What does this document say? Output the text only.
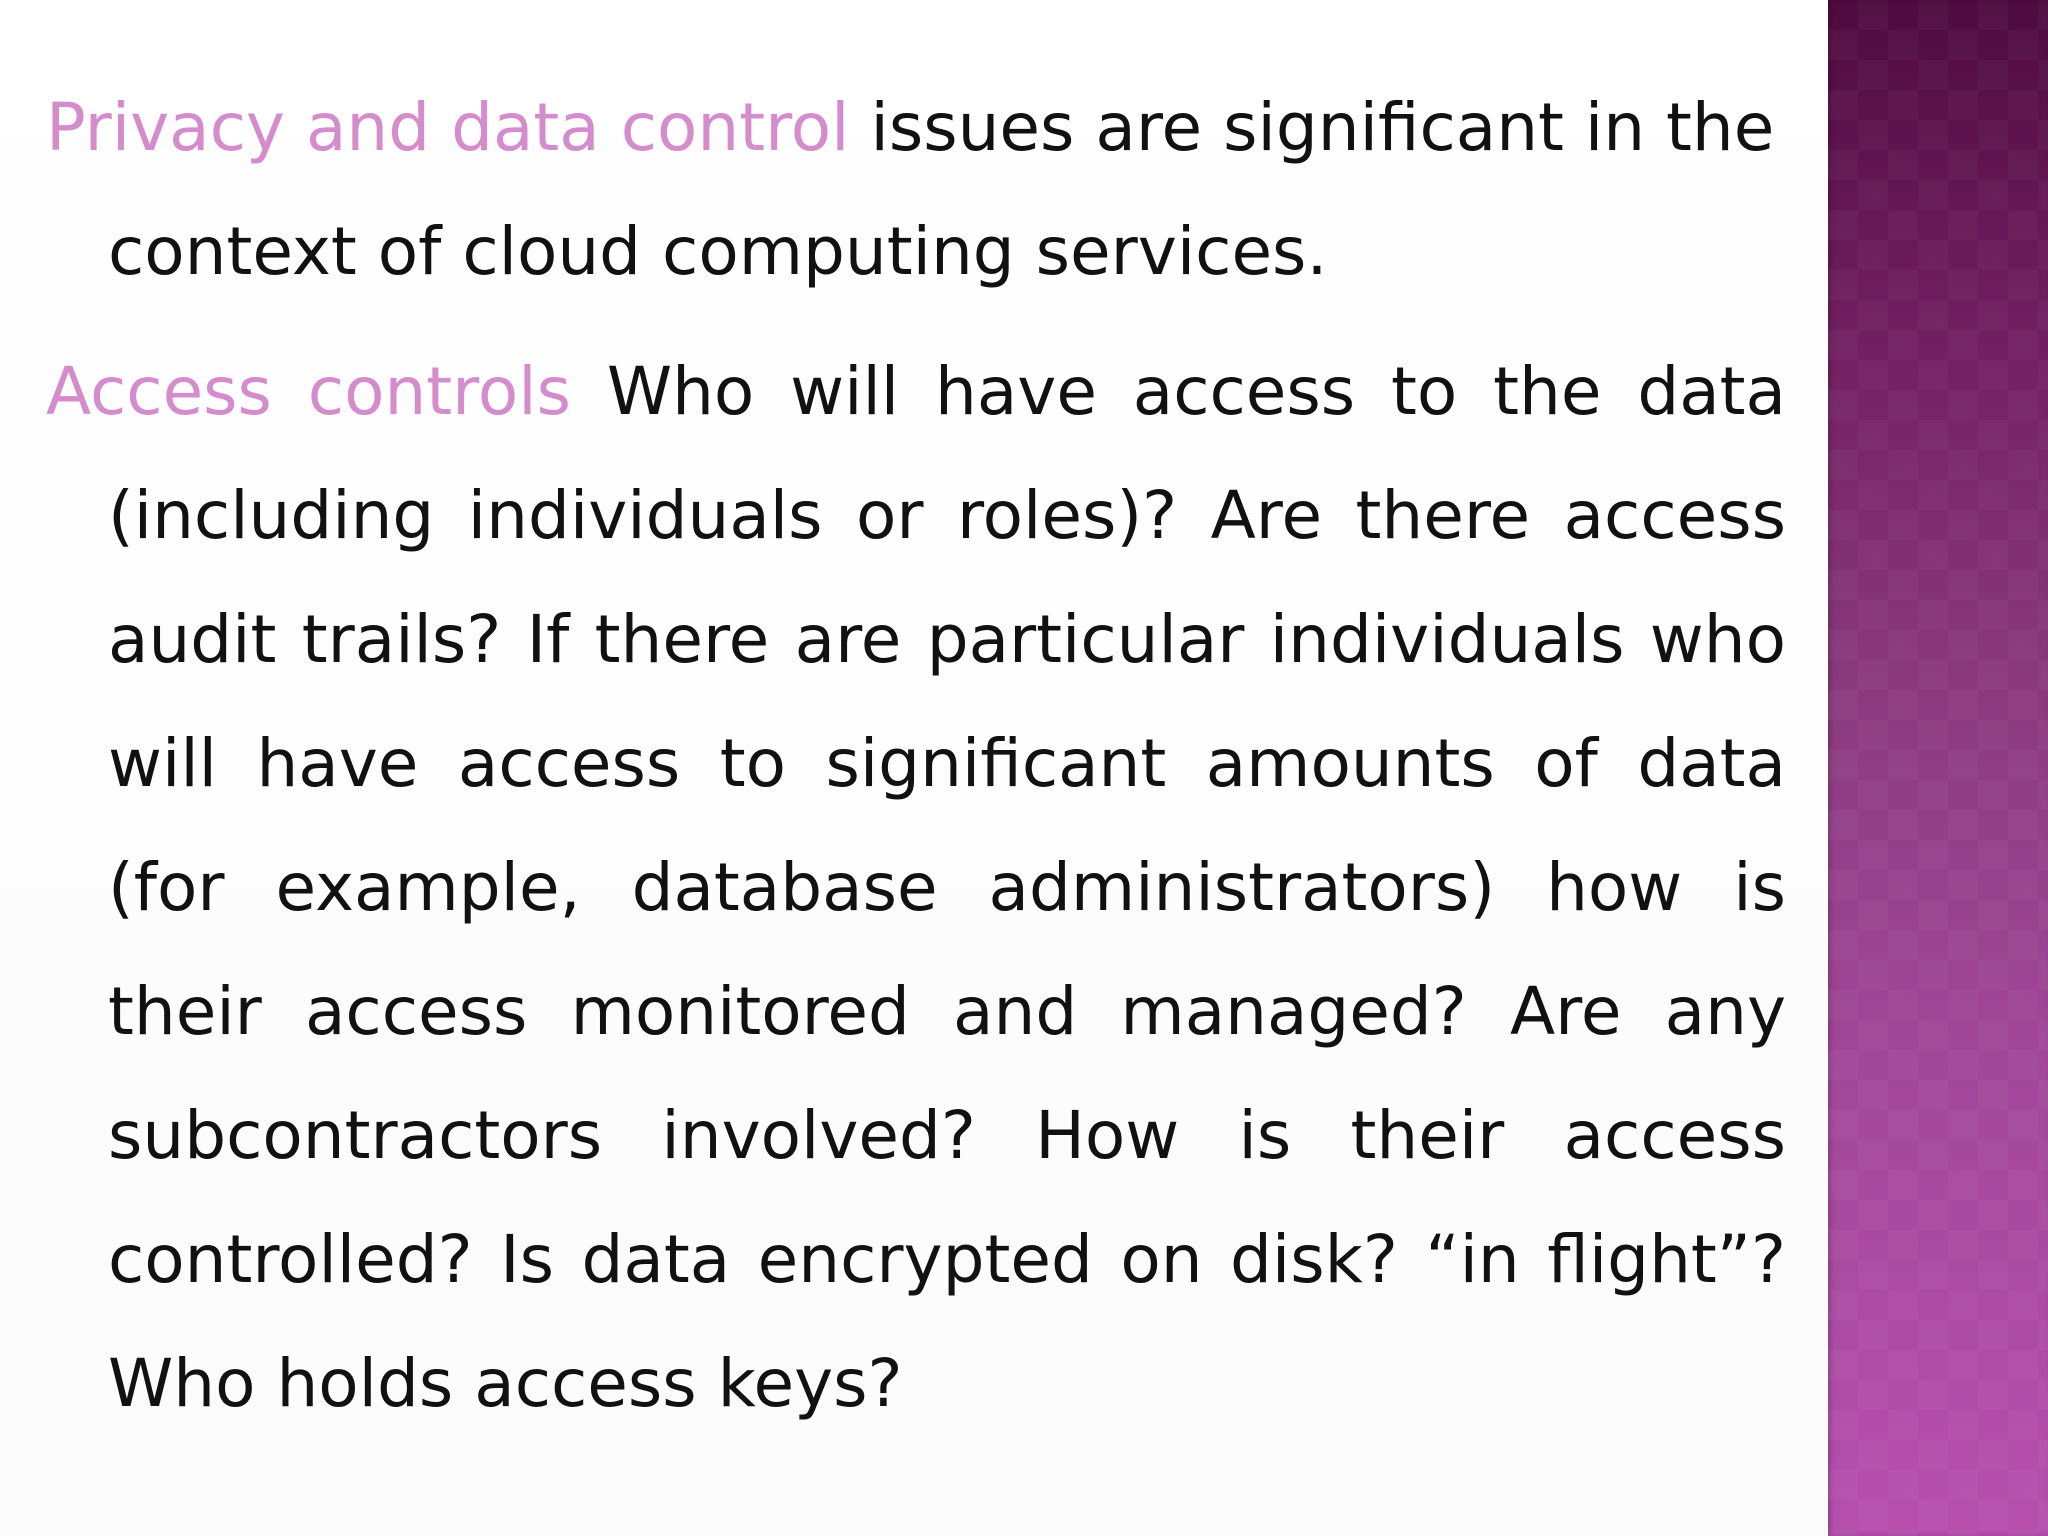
Privacy and data control issues are significant in the context of cloud computing services.

Access controls Who will have access to the data (including individuals or roles)? Are there access audit trails? If there are particular individuals who will have access to significant amounts of data (for example, database administrators) how is their access monitored and managed? Are any subcontractors involved? How is their access controlled? Is data encrypted on disk? “in flight”? Who holds access keys?
